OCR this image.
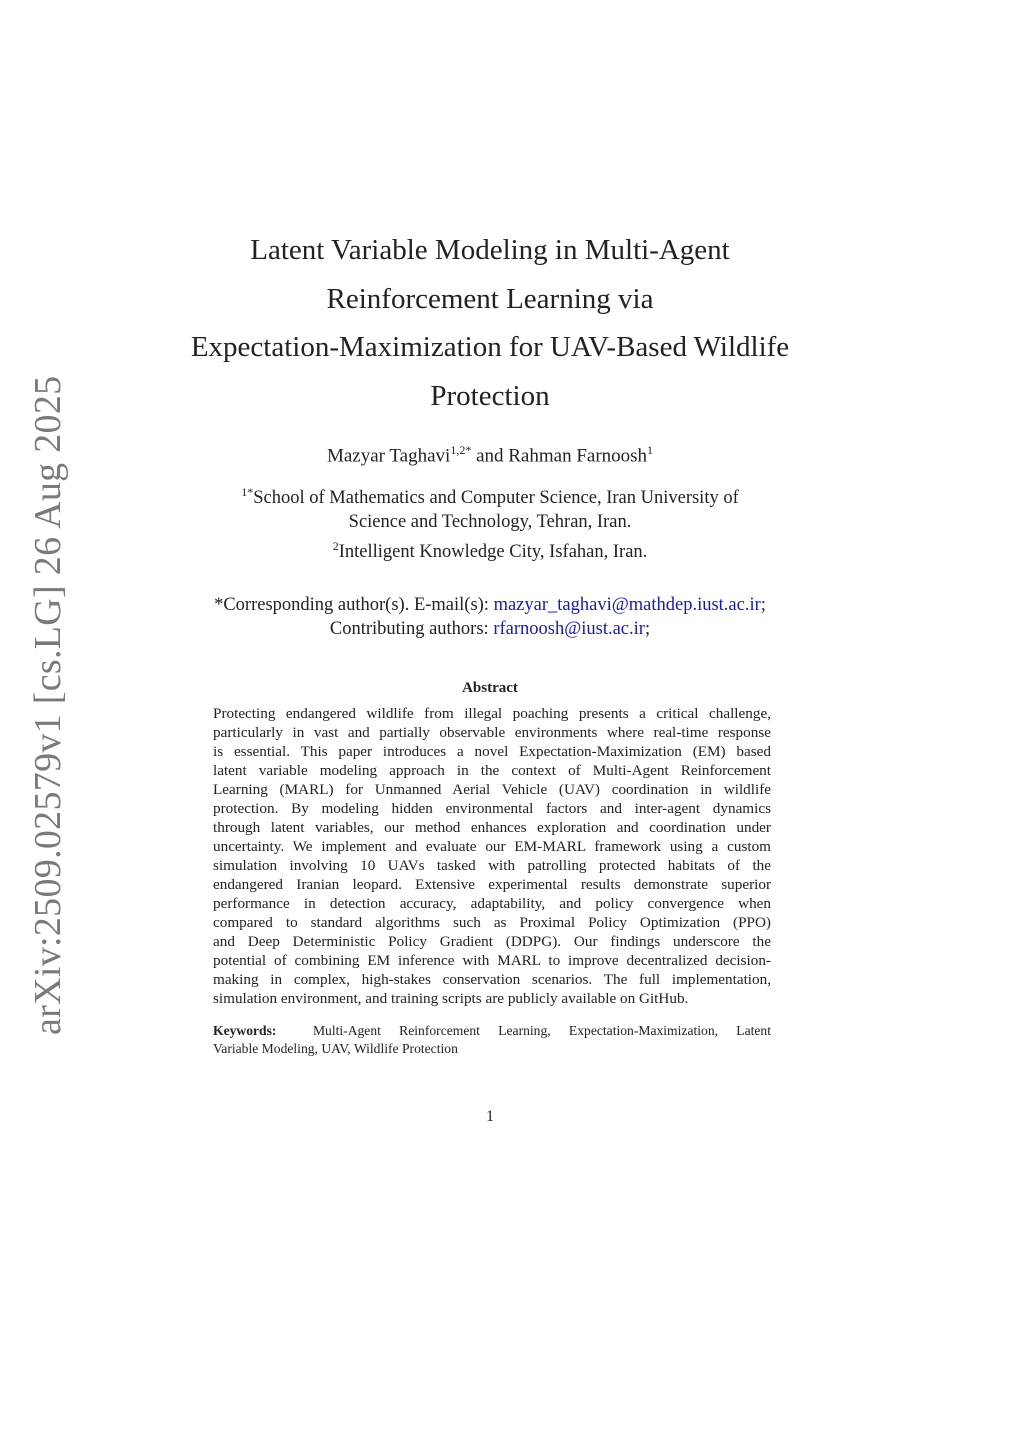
arXiv:2509.02579v1 [cs.LG] 26 Aug 2025
Latent Variable Modeling in Multi-Agent
Reinforcement Learning via
Expectation-Maximization for UAV-Based Wildlife
Protection
Mazyar Taghavi$^{1,2*}$ and Rahman Farnoosh$^1$
$^{1*}$School of Mathematics and Computer Science, Iran University of
Science and Technology, Tehran, Iran.
$^2$Intelligent Knowledge City, Isfahan, Iran.
*Corresponding author(s). E-mail(s): mazyar_taghavi@mathdep.iust.ac.ir;
Contributing authors: rfarnoosh@iust.ac.ir;
Abstract
Protecting endangered wildlife from illegal poaching presents a critical challenge,
particularly in vast and partially observable environments where real-time response
is essential. This paper introduces a novel Expectation-Maximization (EM) based
latent variable modeling approach in the context of Multi-Agent Reinforcement
Learning (MARL) for Unmanned Aerial Vehicle (UAV) coordination in wildlife
protection. By modeling hidden environmental factors and inter-agent dynamics
through latent variables, our method enhances exploration and coordination under
uncertainty. We implement and evaluate our EM-MARL framework using a custom
simulation involving 10 UAVs tasked with patrolling protected habitats of the
endangered Iranian leopard. Extensive experimental results demonstrate superior
performance in detection accuracy, adaptability, and policy convergence when
compared to standard algorithms such as Proximal Policy Optimization (PPO)
and Deep Deterministic Policy Gradient (DDPG). Our findings underscore the
potential of combining EM inference with MARL to improve decentralized decision-
making in complex, high-stakes conservation scenarios. The full implementation,
simulation environment, and training scripts are publicly available on GitHub.
Keywords:	Multi-Agent Reinforcement Learning, Expectation-Maximization, Latent
Variable Modeling, UAV, Wildlife Protection
1
